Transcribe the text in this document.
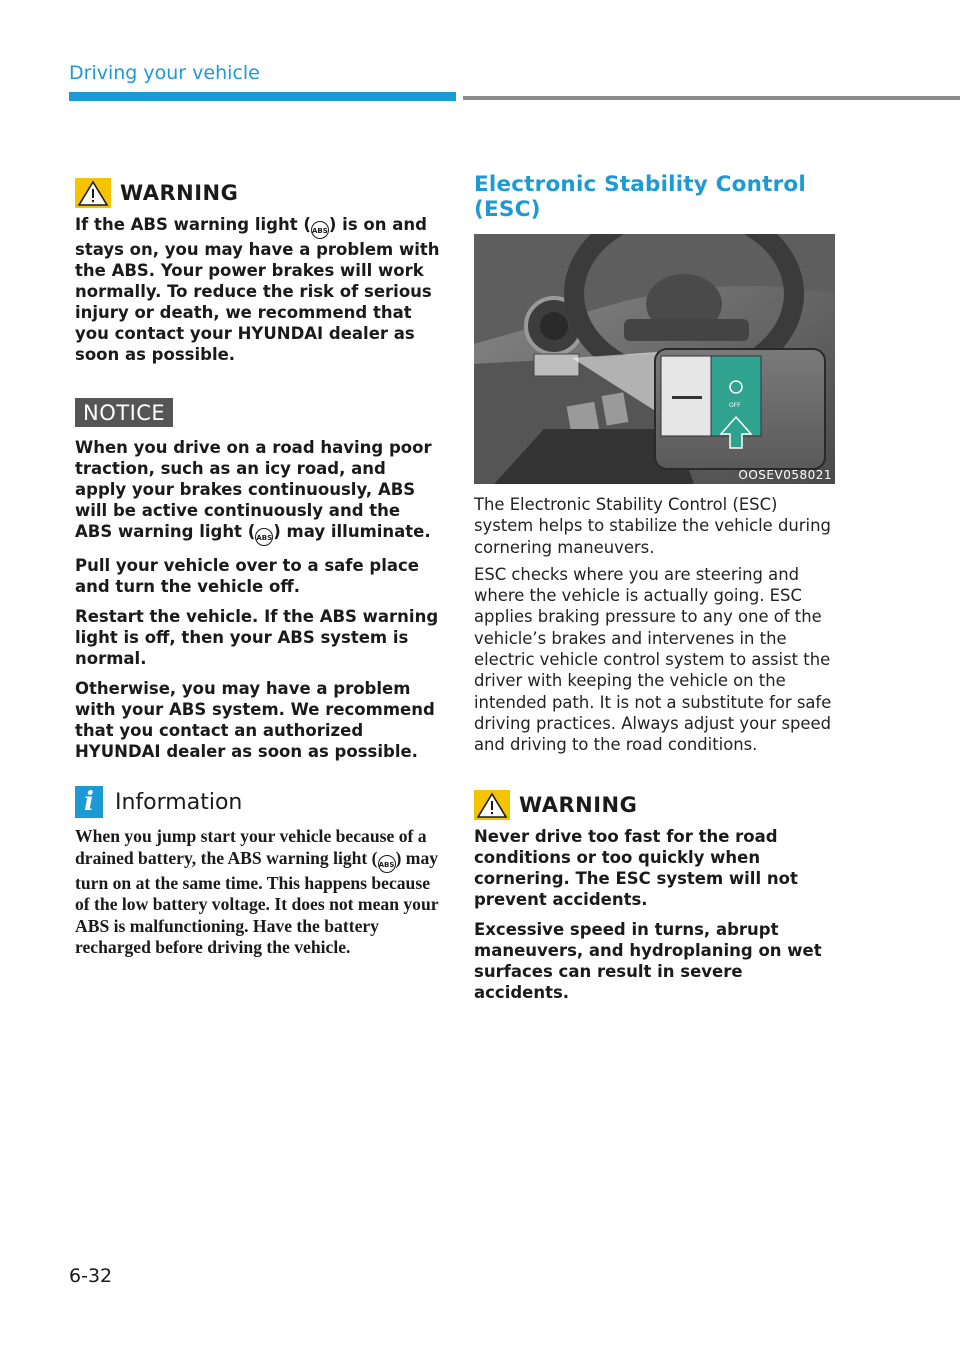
Driving your vehicle
WARNING

If the ABS warning light (ABS) is on and stays on, you may have a problem with the ABS. Your power brakes will work normally. To reduce the risk of serious injury or death, we recommend that you contact your HYUNDAI dealer as soon as possible.

NOTICE

When you drive on a road having poor traction, such as an icy road, and apply your brakes continuously, ABS will be active continuously and the ABS warning light (ABS) may illuminate.

Pull your vehicle over to a safe place and turn the vehicle off.

Restart the vehicle. If the ABS warning light is off, then your ABS system is normal.

Otherwise, you may have a problem with your ABS system. We recommend that you contact an authorized HYUNDAI dealer as soon as possible.

i Information

When you jump start your vehicle because of a drained battery, the ABS warning light (ABS) may turn on at the same time. This happens because of the low battery voltage. It does not mean your ABS is malfunctioning. Have the battery recharged before driving the vehicle.

Electronic Stability Control (ESC)
OFF
OOSEV058021

The Electronic Stability Control (ESC) system helps to stabilize the vehicle during cornering maneuvers.

ESC checks where you are steering and where the vehicle is actually going. ESC applies braking pressure to any one of the vehicle’s brakes and intervenes in the electric vehicle control system to assist the driver with keeping the vehicle on the intended path. It is not a substitute for safe driving practices. Always adjust your speed and driving to the road conditions.

WARNING

Never drive too fast for the road conditions or too quickly when cornering. The ESC system will not prevent accidents.

Excessive speed in turns, abrupt maneuvers, and hydroplaning on wet surfaces can result in severe accidents.

6-32
